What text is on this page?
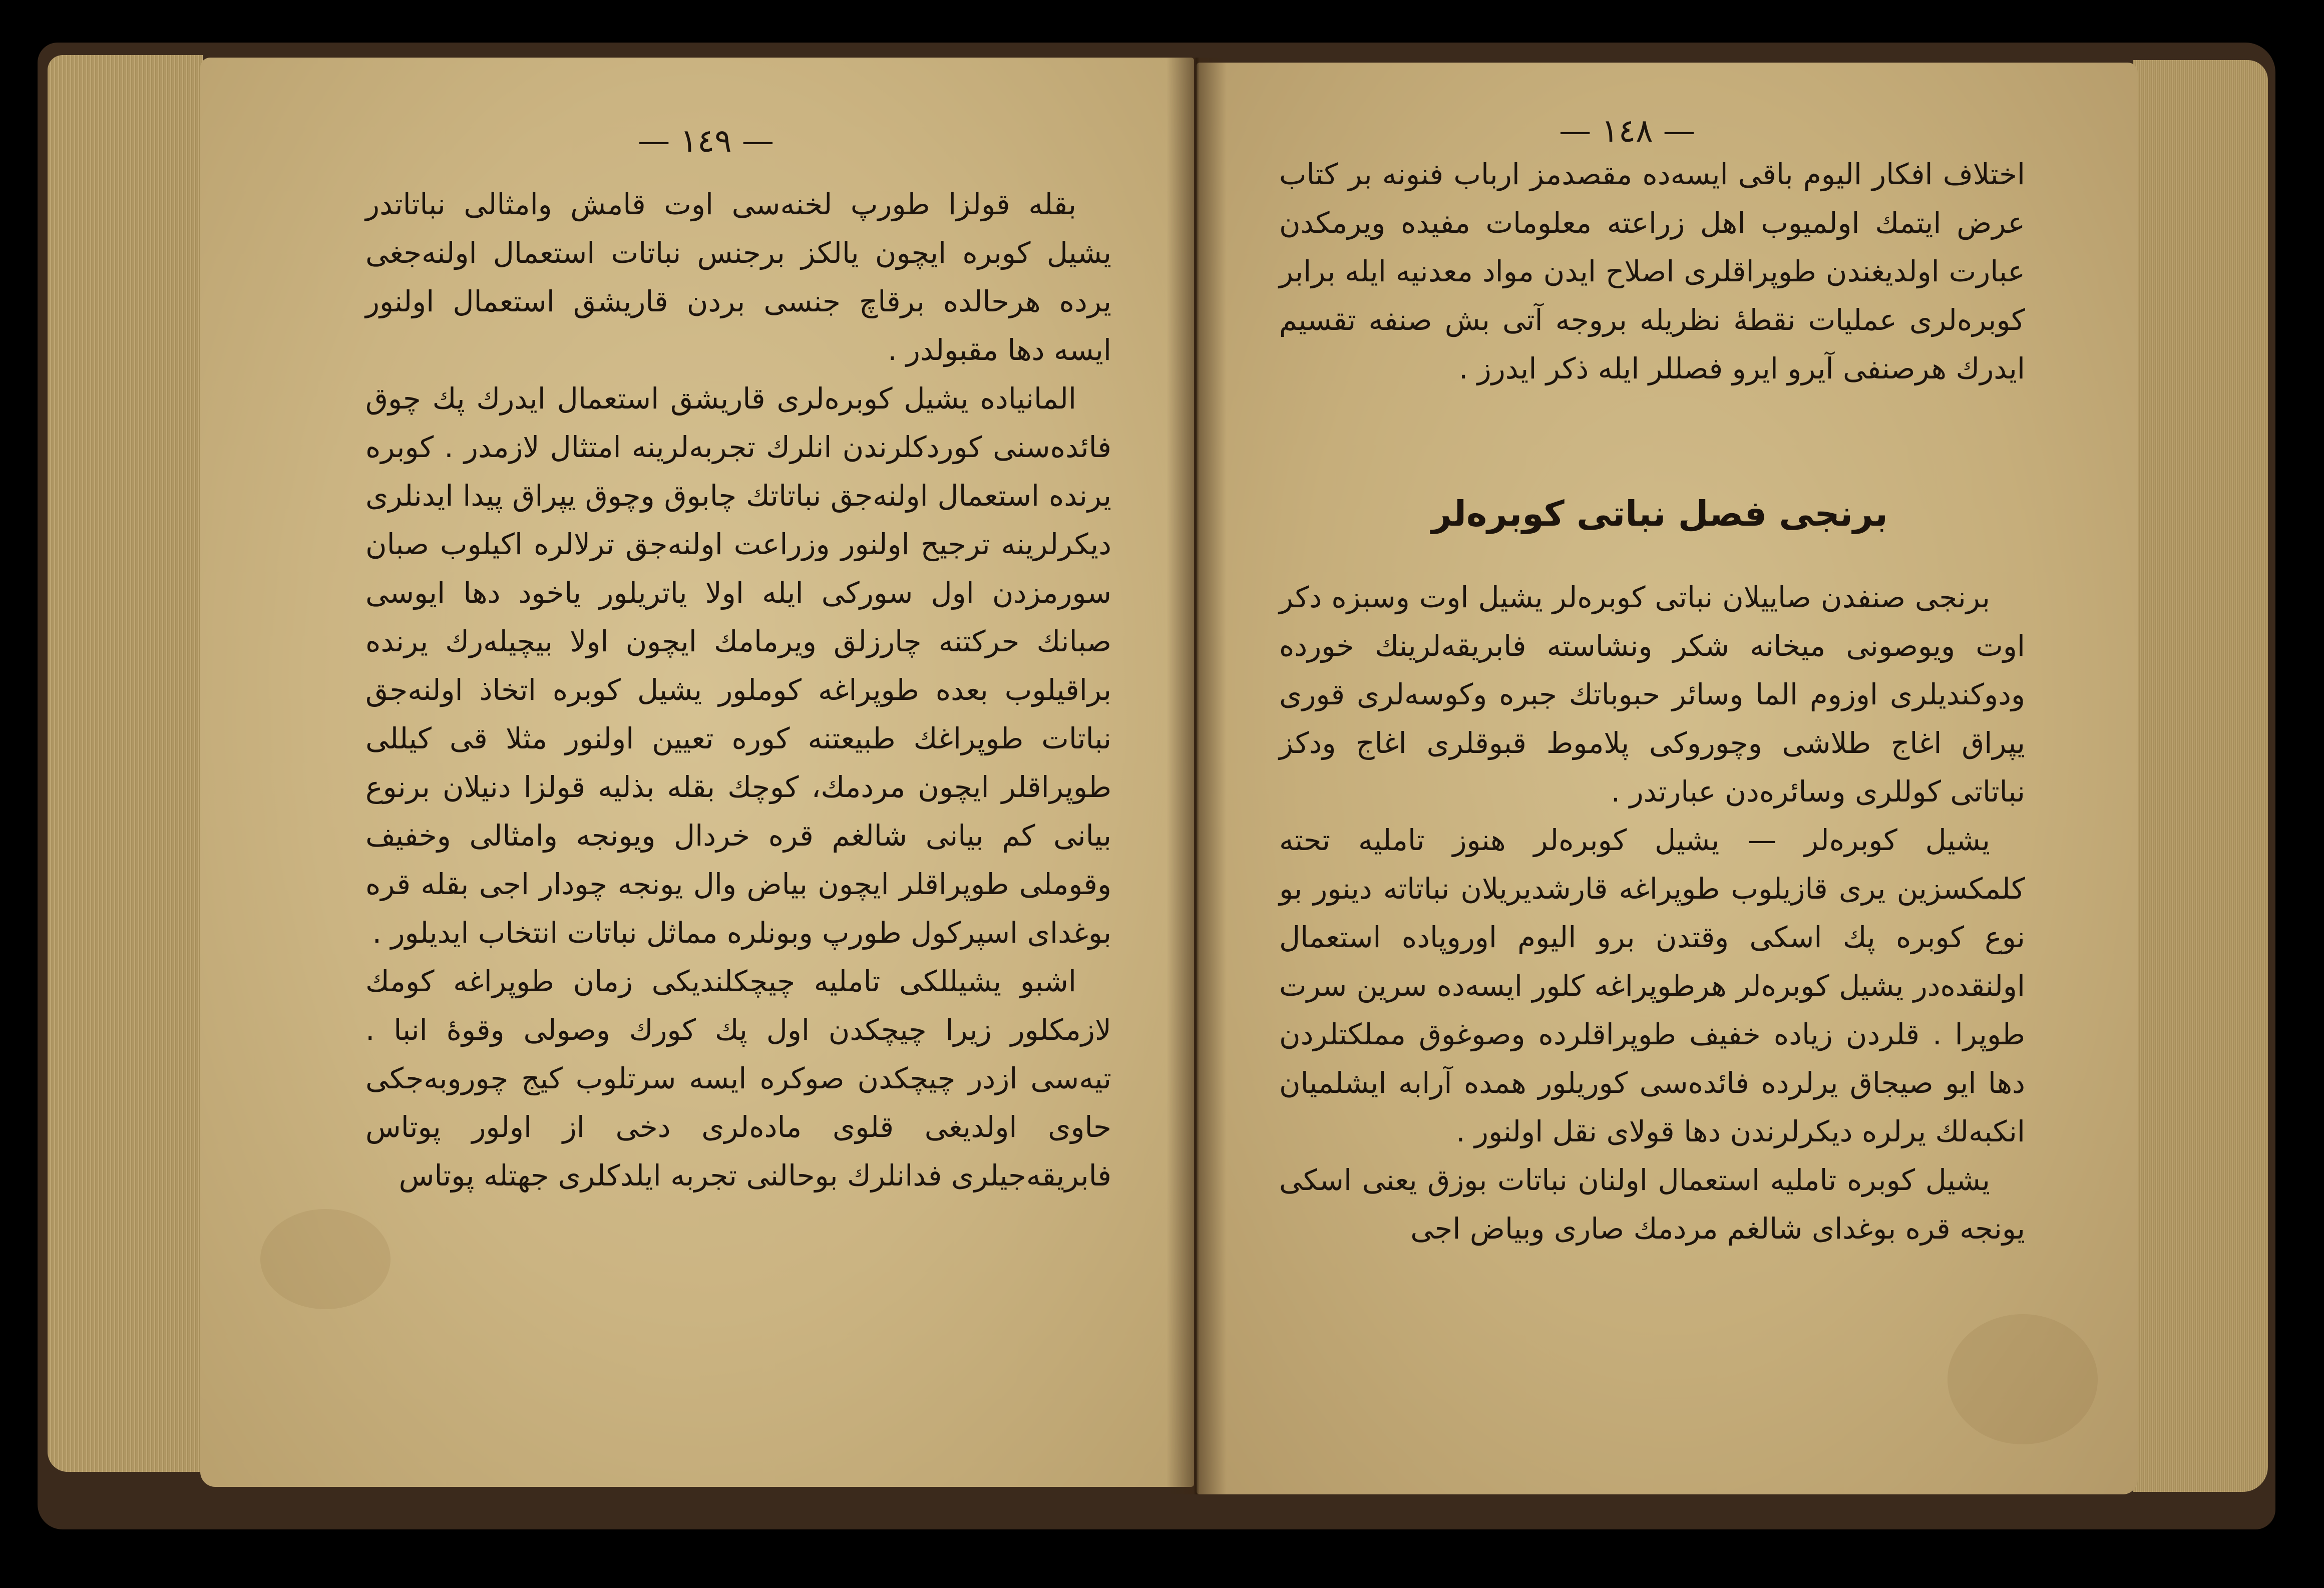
— ١٤٩ —

بقله قولزا طورپ لخنه‌سی اوت قامش وامثالی نباتاتدر یشیل کوبره ایچون یالکز برجنس نباتات استعمال اولنه‌جغی یرده هرحالده برقاچ جنسی بردن قاریشق استعمال اولنور ایسه دها مقبولدر .

المانیاده یشیل کوبره‌لری قاریشق استعمال ایدرك پك چوق فائده‌سنی کوردکلرندن انلرك تجربه‌لرینه امتثال لازمدر . کوبره یرنده استعمال اولنه‌جق نباتاتك چابوق وچوق یپراق پیدا ایدنلری دیکرلرینه ترجیح اولنور وزراعت اولنه‌جق ترلالره اکیلوب صبان سورمزدن اول سورکی ایله اولا یاتریلور یاخود دها ایوسی صبانك حرکتنه چارزلق ویرمامك ایچون اولا بیچیله‌رك یرنده براقیلوب بعده طوپراغه کوملور یشیل کوبره اتخاذ اولنه‌جق نباتات طوپراغك طبیعتنه کوره تعیین اولنور مثلا قی کیللی طوپراقلر ایچون مردمك، کوچك بقله بذلیه قولزا دنیلان برنوع بیانی کم بیانی شالغم قره خردال ویونجه وامثالی وخفیف وقوملی طوپراقلر ایچون بیاض وال یونجه چودار اجی بقله قره بوغدای اسپرکول طورپ وبونلره مماثل نباتات انتخاب ایدیلور .

اشبو یشیللکی تاملیه چیچکلندیکی زمان طوپراغه کومك لازمکلور زیرا چیچکدن اول پك کورك وصولی وقوهٔ انبا . تیه‌سی ازدر چیچکدن صوکره ایسه سرتلوب کیج چوروبه‌جکی حاوی اولدیغی قلوی ماده‌لری دخی از اولور پوتاس فابریقه‌جیلری فدانلرك بوحالنی تجربه ایلدکلری جهتله پوتاس

— ١٤٨ —

اختلاف افکار الیوم باقی ایسه‌ده مقصدمز ارباب فنونه بر کتاب عرض ایتمك اولمیوب اهل زراعته معلومات مفیده ویرمکدن عبارت اولدیغندن طوپراقلری اصلاح ایدن مواد معدنیه ایله برابر کوبره‌لری عملیات نقطهٔ نظریله بروجه آتی بش صنفه تقسیم ایدرك هرصنفی آیرو ایرو فصللر ایله ذکر ایدرز .

برنجی فصل نباتی کوبره‌لر

برنجی صنفدن صاییلان نباتی کوبره‌لر یشیل اوت وسبزه دکر اوت ویوصونی میخانه شکر ونشاسته فابریقه‌لرینك خورده ودوکندیلری اوزوم الما وسائر حبوباتك جبره وکوسه‌لری قوری یپراق اغاج طلاشی وچوروکی پلاموط قبوقلری اغاج ودکز نباتاتی کوللری وسائره‌دن عبارتدر .

یشیل کوبره‌لر — یشیل کوبره‌لر هنوز تاملیه تحته کلمکسزین یری قازیلوب طوپراغه قارشدیریلان نباتاته دینور بو نوع کوبره پك اسکی وقتدن برو الیوم اوروپاده استعمال اولنقده‌در یشیل کوبره‌لر هرطوپراغه کلور ایسه‌ده سرین سرت طوپرا . قلردن زیاده خفیف طوپراقلرده وصوغوق مملکتلردن دها ایو صیجاق یرلرده فائده‌سی کوریلور همده آرابه ایشلمیان انکبه‌لك یرلره دیکرلرندن دها قولای نقل اولنور .

یشیل کوبره تاملیه استعمال اولنان نباتات بوزق یعنی اسکی یونجه قره بوغدای شالغم مردمك صاری وبیاض اجی
